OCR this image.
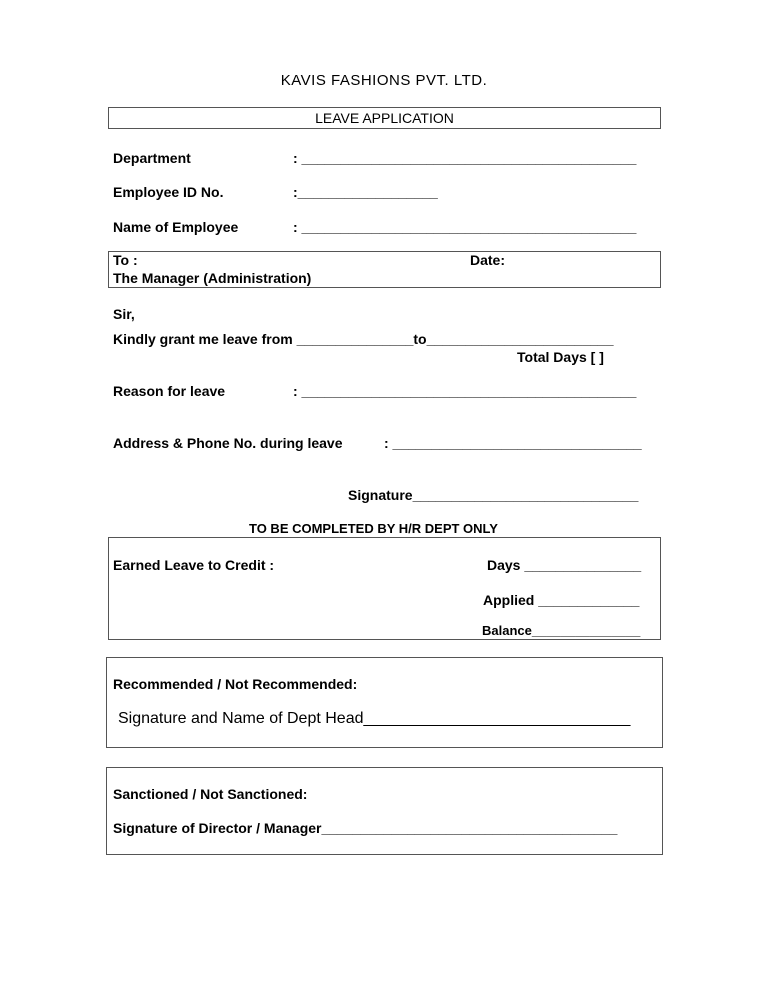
KAVIS FASHIONS PVT. LTD.
LEAVE APPLICATION
Department	: ___________________________________________
Employee ID No.	:__________________
Name of Employee	: ___________________________________________
To :	Date:
The Manager (Administration)
Sir,
Kindly grant me leave from _______________to________________________
Total Days [ ]
Reason for leave	: ___________________________________________
Address & Phone No. during leave	: ________________________________
Signature_____________________________
TO BE COMPLETED BY H/R DEPT ONLY
Earned Leave to Credit :	Days _______________
Applied _____________
Balance_______________
Recommended / Not Recommended:
Signature and Name of Dept Head______________________________
Sanctioned / Not Sanctioned:
Signature of Director / Manager______________________________________
